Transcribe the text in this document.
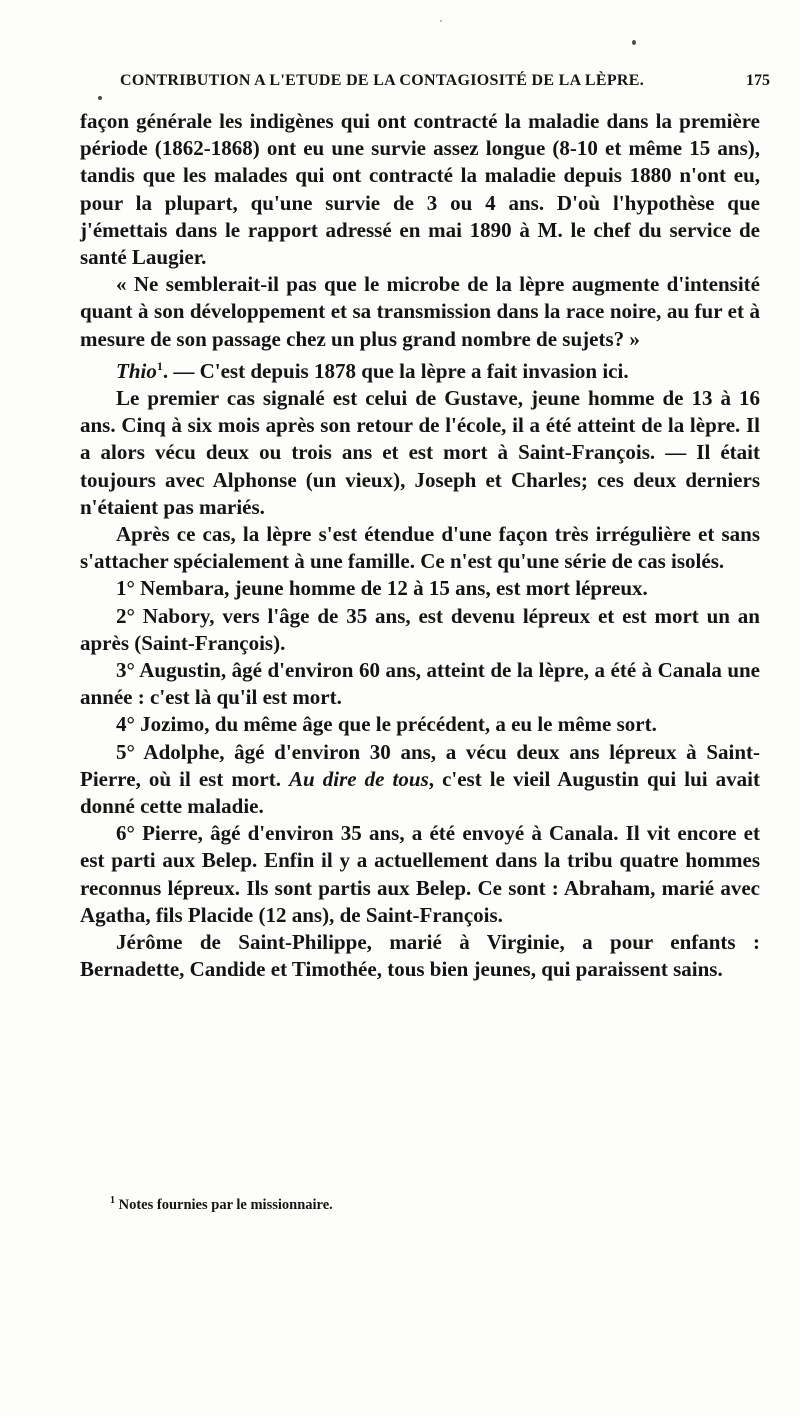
CONTRIBUTION A L'ETUDE DE LA CONTAGIOSITÉ DE LA LÈPRE.	175

façon générale les indigènes qui ont contracté la maladie dans la première période (1862-1868) ont eu une survie assez longue (8-10 et même 15 ans), tandis que les malades qui ont contracté la maladie depuis 1880 n'ont eu, pour la plupart, qu'une survie de 3 ou 4 ans. D'où l'hypothèse que j'émettais dans le rapport adressé en mai 1890 à M. le chef du service de santé Laugier.

« Ne semblerait-il pas que le microbe de la lèpre augmente d'intensité quant à son développement et sa transmission dans la race noire, au fur et à mesure de son passage chez un plus grand nombre de sujets? »

Thio$^1$. — C'est depuis 1878 que la lèpre a fait invasion ici.

Le premier cas signalé est celui de Gustave, jeune homme de 13 à 16 ans. Cinq à six mois après son retour de l'école, il a été atteint de la lèpre. Il a alors vécu deux ou trois ans et est mort à Saint-François. — Il était toujours avec Alphonse (un vieux), Joseph et Charles; ces deux derniers n'étaient pas mariés.

Après ce cas, la lèpre s'est étendue d'une façon très irrégulière et sans s'attacher spécialement à une famille. Ce n'est qu'une série de cas isolés.

1° Nembara, jeune homme de 12 à 15 ans, est mort lépreux.

2° Nabory, vers l'âge de 35 ans, est devenu lépreux et est mort un an après (Saint-François).

3° Augustin, âgé d'environ 60 ans, atteint de la lèpre, a été à Canala une année : c'est là qu'il est mort.

4° Jozimo, du même âge que le précédent, a eu le même sort.

5° Adolphe, âgé d'environ 30 ans, a vécu deux ans lépreux à Saint-Pierre, où il est mort. Au dire de tous, c'est le vieil Augustin qui lui avait donné cette maladie.

6° Pierre, âgé d'environ 35 ans, a été envoyé à Canala. Il vit encore et est parti aux Belep. Enfin il y a actuellement dans la tribu quatre hommes reconnus lépreux. Ils sont partis aux Belep. Ce sont : Abraham, marié avec Agatha, fils Placide (12 ans), de Saint-François.

Jérôme de Saint-Philippe, marié à Virginie, a pour enfants : Bernadette, Candide et Timothée, tous bien jeunes, qui paraissent sains.

$^1$ Notes fournies par le missionnaire.
